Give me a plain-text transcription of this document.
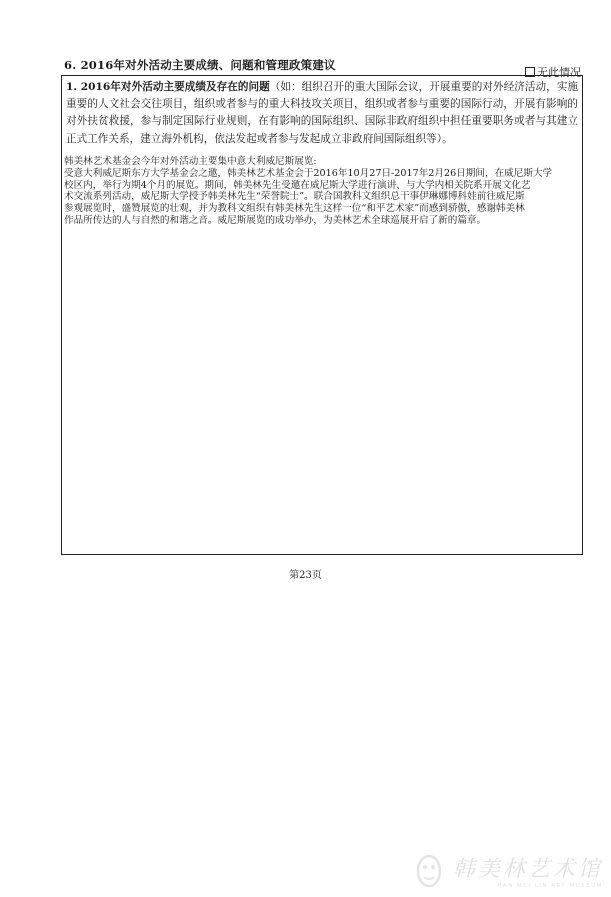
6. 2016年对外活动主要成绩、问题和管理政策建议
无此情况
1. 2016年对外活动主要成绩及存在的问题（如：组织召开的重大国际会议，开展重要的对外经济活动，实施重要的人文社会交往项目，组织或者参与的重大科技攻关项目，组织或者参与重要的国际行动，开展有影响的对外扶贫救援，参与制定国际行业规则，在有影响的国际组织、国际非政府组织中担任重要职务或者与其建立正式工作关系，建立海外机构，依法发起或者参与发起成立非政府间国际组织等）。

韩美林艺术基金会今年对外活动主要集中意大利威尼斯展览:

受意大利威尼斯东方大学基金会之邀，韩美林艺术基金会于2016年10月27日-2017年2月26日期间，在威尼斯大学

校区内，举行为期4个月的展览。期间，韩美林先生受邀在威尼斯大学进行演讲、与大学内相关院系开展文化艺

术交流系列活动，威尼斯大学授予韩美林先生“荣誉院士”。联合国教科文组织总干事伊琳娜博科娃前往威尼斯

参观展览时，盛赞展览的壮观，并为教科文组织有韩美林先生这样一位“和平艺术家”而感到骄傲，感谢韩美林

作品所传达的人与自然的和谐之音。威尼斯展览的成功举办，为美林艺术全球巡展开启了新的篇章。

第23页
韩美林艺术馆
HAN MEI LIN ART MUSEUM
